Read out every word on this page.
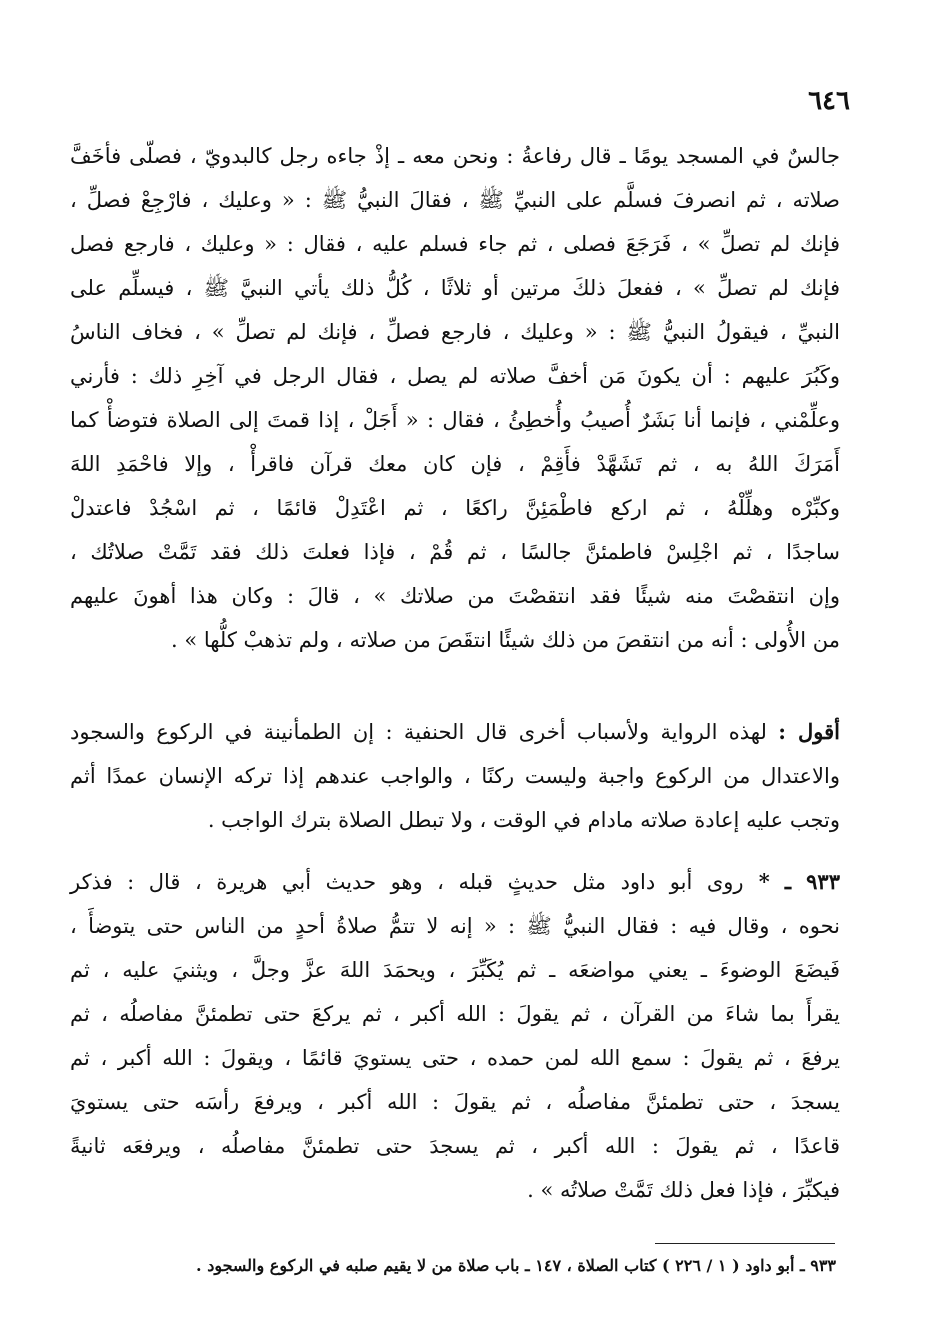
٦٤٦
جالسٌ في المسجد يومًا ـ قال رفاعةُ : ونحن معه ـ إذْ جاءه رجل كالبدويّ ، فصلّى فأخَفَّ
صلاته ، ثم انصرفَ فسلَّم على النبيِّ ﷺ ، فقالَ النبيُّ ﷺ : « وعليك ، فارْجِعْ فصلِّ ،
فإنك لم تصلِّ » ، فَرَجَعَ فصلى ، ثم جاء فسلم عليه ، فقال : « وعليك ، فارجع فصل
فإنك لم تصلِّ » ، ففعلَ ذلكَ مرتين أو ثلاثًا ، كُلُّ ذلك يأتي النبيَّ ﷺ ، فيسلِّم على
النبيِّ ، فيقولُ النبيُّ ﷺ : « وعليك ، فارجع فصلِّ ، فإنك لم تصلِّ » ، فخاف الناسُ
وكَبُرَ عليهم : أن يكونَ مَن أخفَّ صلاته لم يصل ، فقال الرجل في آخِرِ ذلك : فأرني
وعلِّمْني ، فإنما أنا بَشَرٌ أُصيبُ وأُخطِئُ ، فقال : « أَجَلْ ، إذا قمتَ إلى الصلاة فتوضأْ كما
أَمَرَكَ اللهُ به ، ثم تَشَهَّدْ فأَقِمْ ، فإن كان معك قرآن فاقرأْ ، وإلا فاحْمَدِ اللهَ
وكبِّرْه وهلِّلْهُ ، ثم اركع فاطْمَئِنَّ راكعًا ، ثم اعْتَدِلْ قائمًا ، ثم اسْجُدْ فاعتدلْ
ساجدًا ، ثم اجْلِسْ فاطمئنَّ جالسًا ، ثم قُمْ ، فإذا فعلتَ ذلك فقد تَمَّتْ صلاتُك ،
وإن انتقصْتَ منه شيئًا فقد انتقصْتَ من صلاتك » ، قالَ : وكان هذا أهونَ عليهم
من الأُولى : أنه من انتقصَ من ذلك شيئًا انتقَصَ من صلاته ، ولم تذهبْ كلُّها » .
أقول : لهذه الرواية ولأسباب أخرى قال الحنفية : إن الطمأنينة في الركوع والسجود
والاعتدال من الركوع واجبة وليست ركنًا ، والواجب عندهم إذا تركه الإنسان عمدًا أثم
وتجب عليه إعادة صلاته مادام في الوقت ، ولا تبطل الصلاة بترك الواجب .
٩٣٣ ـ * روى أبو داود مثل حديثٍ قبله ، وهو حديث أبي هريرة ، قال : فذكر
نحوه ، وقال فيه : فقال النبيُّ ﷺ : « إنه لا تتمُّ صلاةُ أحدٍ من الناس حتى يتوضأَ ،
فَيضَعَ الوضوءَ ـ يعني مواضعَه ـ ثم يُكَبِّرَ ، ويحمَدَ اللهَ عزَّ وجلَّ ، ويثنيَ عليه ، ثم
يقرأَ بما شاءَ من القرآن ، ثم يقولَ : الله أكبر ، ثم يركعَ حتى تطمئنَّ مفاصلُه ، ثم
يرفعَ ، ثم يقولَ : سمع الله لمن حمده ، حتى يستويَ قائمًا ، ويقولَ : الله أكبر ، ثم
يسجدَ ، حتى تطمئنَّ مفاصلُه ، ثم يقولَ : الله أكبر ، ويرفعَ رأسَه حتى يستويَ
قاعدًا ، ثم يقولَ : الله أكبر ، ثم يسجدَ حتى تطمئنَّ مفاصلُه ، ويرفعَه ثانيةً
فيكبِّرَ ، فإذا فعل ذلك تَمَّتْ صلاتُه » .
٩٣٣ ـ أبو داود ( ١ / ٢٢٦ ) كتاب الصلاة ، ١٤٧ ـ باب صلاة من لا يقيم صلبه في الركوع والسجود .
